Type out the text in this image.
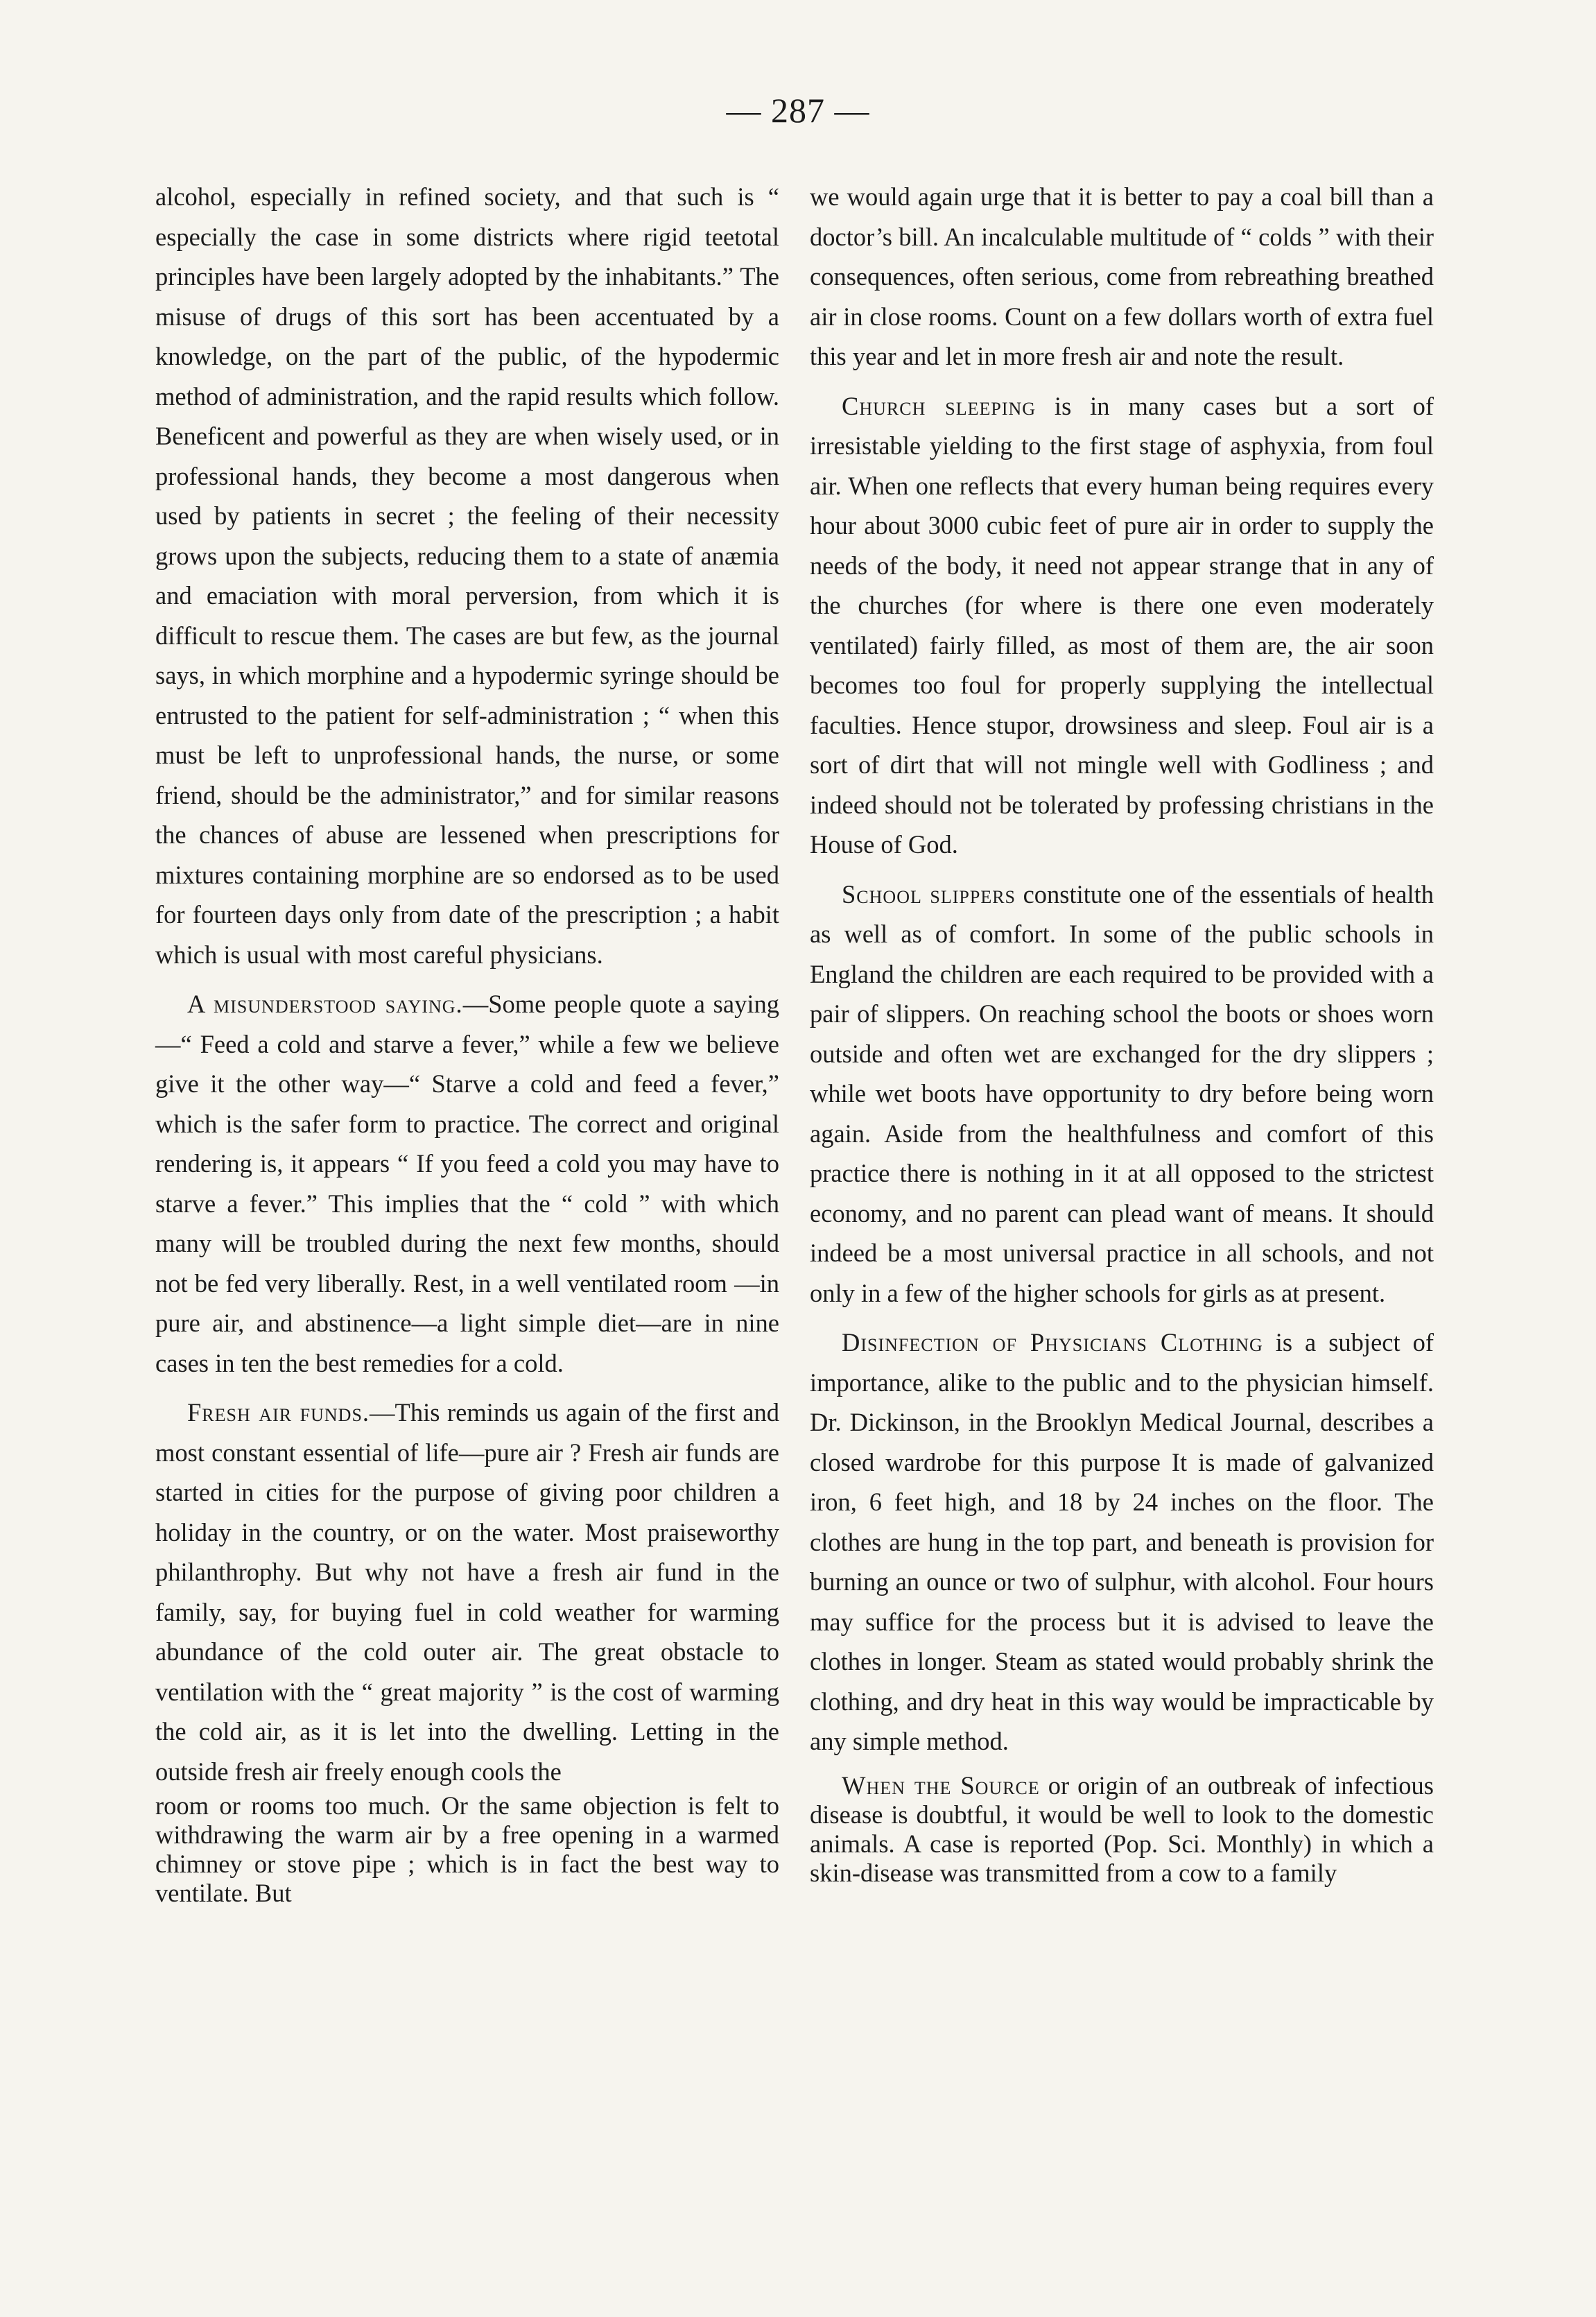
— 287 —

alcohol, especially in refined society, and that such is “ especially the case in some districts where rigid teetotal principles have been largely adopted by the inhabitants.” The misuse of drugs of this sort has been accentuated by a knowledge, on the part of the public, of the hypodermic method of administration, and the rapid results which follow. Beneficent and powerful as they are when wisely used, or in professional hands, they become a most dangerous when used by patients in secret ; the feeling of their necessity grows upon the subjects, reducing them to a state of anæmia and emaciation with moral perversion, from which it is difficult to rescue them. The cases are but few, as the journal says, in which morphine and a hypodermic syringe should be entrusted to the patient for self-administration ; “ when this must be left to unprofessional hands, the nurse, or some friend, should be the administrator,” and for similar reasons the chances of abuse are lessened when prescriptions for mixtures containing morphine are so endorsed as to be used for fourteen days only from date of the prescription ; a habit which is usual with most careful physicians.

A misunderstood saying.—Some people quote a saying—“ Feed a cold and starve a fever,” while a few we believe give it the other way—“ Starve a cold and feed a fever,” which is the safer form to practice. The correct and original rendering is, it appears “ If you feed a cold you may have to starve a fever.” This implies that the “ cold ” with which many will be troubled during the next few months, should not be fed very liberally. Rest, in a well ventilated room —in pure air, and abstinence—a light simple diet—are in nine cases in ten the best remedies for a cold.

Fresh air funds.—This reminds us again of the first and most constant essential of life—pure air ? Fresh air funds are started in cities for the purpose of giving poor children a holiday in the country, or on the water. Most praiseworthy philanthrophy. But why not have a fresh air fund in the family, say, for buying fuel in cold weather for warming abundance of the cold outer air. The great obstacle to ventilation with the “ great majority ” is the cost of warming the cold air, as it is let into the dwelling. Letting in the outside fresh air freely enough cools the

room or rooms too much. Or the same objection is felt to withdrawing the warm air by a free opening in a warmed chimney or stove pipe ; which is in fact the best way to ventilate. But

we would again urge that it is better to pay a coal bill than a doctor’s bill. An incalculable multitude of “ colds ” with their consequences, often serious, come from rebreathing breathed air in close rooms. Count on a few dollars worth of extra fuel this year and let in more fresh air and note the result.

Church sleeping is in many cases but a sort of irresistable yielding to the first stage of asphyxia, from foul air. When one reflects that every human being requires every hour about 3000 cubic feet of pure air in order to supply the needs of the body, it need not appear strange that in any of the churches (for where is there one even moderately ventilated) fairly filled, as most of them are, the air soon becomes too foul for properly supplying the intellectual faculties. Hence stupor, drowsiness and sleep. Foul air is a sort of dirt that will not mingle well with Godliness ; and indeed should not be tolerated by professing christians in the House of God.

School slippers constitute one of the essentials of health as well as of comfort. In some of the public schools in England the children are each required to be provided with a pair of slippers. On reaching school the boots or shoes worn outside and often wet are exchanged for the dry slippers ; while wet boots have opportunity to dry before being worn again. Aside from the healthfulness and comfort of this practice there is nothing in it at all opposed to the strictest economy, and no parent can plead want of means. It should indeed be a most universal practice in all schools, and not only in a few of the higher schools for girls as at present.

Disinfection of Physicians Clothing is a subject of importance, alike to the public and to the physician himself. Dr. Dickinson, in the Brooklyn Medical Journal, describes a closed wardrobe for this purpose It is made of galvanized iron, 6 feet high, and 18 by 24 inches on the floor. The clothes are hung in the top part, and beneath is provision for burning an ounce or two of sulphur, with alcohol. Four hours may suffice for the process but it is advised to leave the clothes in longer. Steam as stated would probably shrink the clothing, and dry heat in this way would be impracticable by any simple method.

When the Source or origin of an outbreak of infectious disease is doubtful, it would be well to look to the domestic animals. A case is reported (Pop. Sci. Monthly) in which a skin-disease was transmitted from a cow to a family
